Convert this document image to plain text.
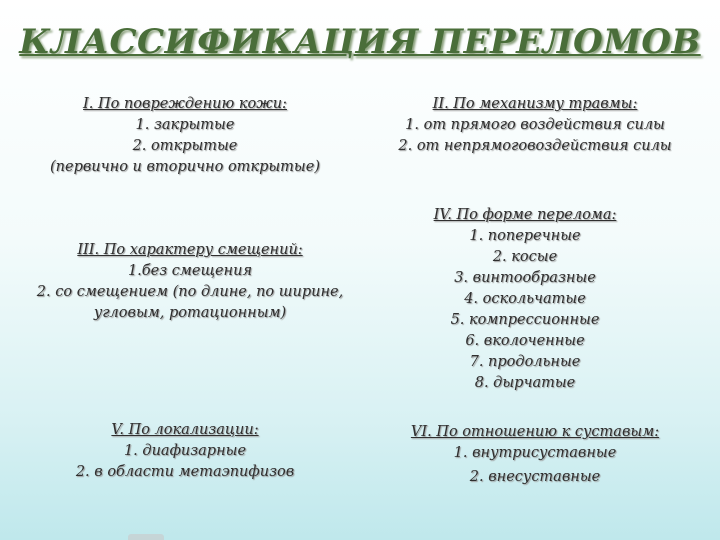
КЛАССИФИКАЦИЯ ПЕРЕЛОМОВ
I. По повреждению кожи:
1. закрытые
2. открытые
(первично и вторично открытые)
II. По механизму травмы:
1. от прямого воздействия силы
2. от непрямоговоздействия силы
III. По характеру смещений:
1.без смещения
2. со смещением (по длине, по ширине,
угловым, ротационным)
IV. По форме перелома:
1. поперечные
2. косые
3. винтообразные
4. оскольчатые
5. компрессионные
6. вколоченные
7. продольные
8. дырчатые
V. По локализации:
1. диафизарные
2. в области метаэпифизов
VI. По отношению к суставым:
1. внутрисуставные
2. внесуставные
